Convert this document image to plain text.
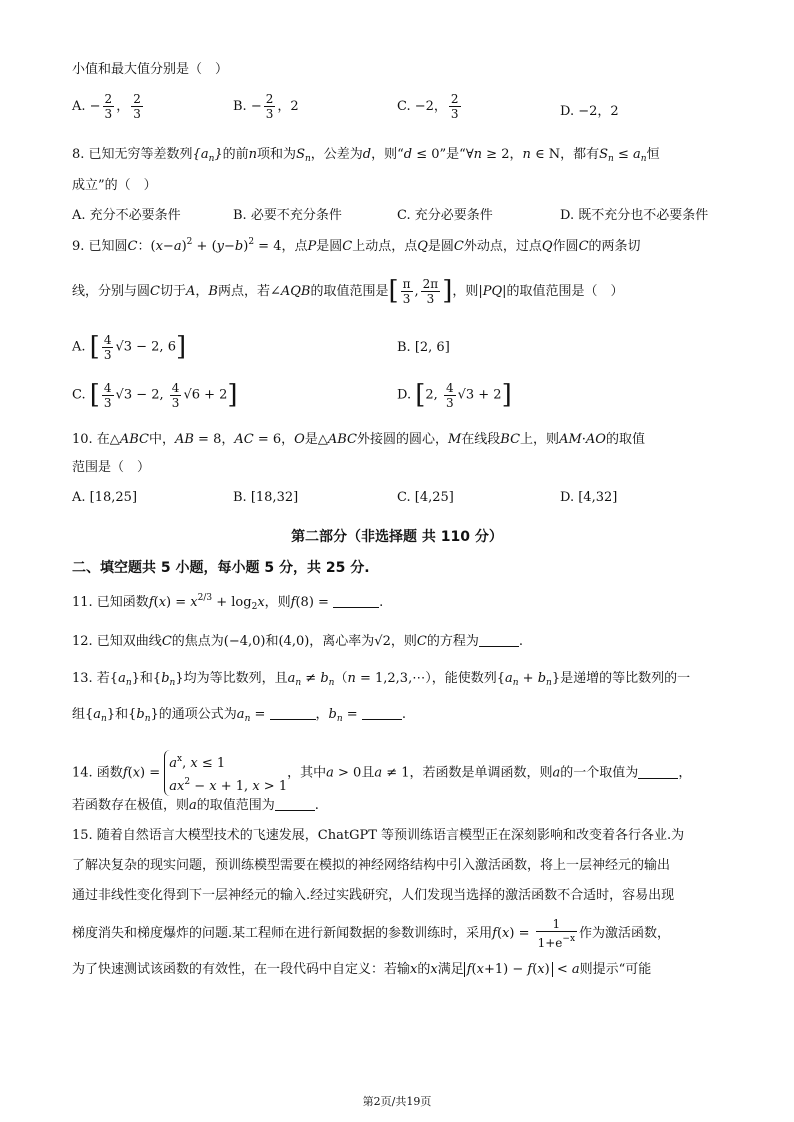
小值和最大值分别是（　）
A. − $\frac{2}{3}$ ， $\frac{2}{3}$	B. − $\frac{2}{3}$ ，2	C. −2， $\frac{2}{3}$	D. −2，2
8. 已知无穷等差数列$\{a_n\}$的前n项和为$S_n$，公差为d，则“d ≤ 0”是“∀n ≥ 2，n ∈ N，都有$S_n \le a_n$恒
成立”的（　）
A. 充分不必要条件	B. 必要不充分条件	C. 充分必要条件	D. 既不充分也不必要条件
9. 已知圆C：$(x-a)^2 + (y-b)^2 = 4$，点P是圆C上动点，点Q是圆C外动点，过点Q作圆C的两条切
线，分别与圆C切于A，B两点，若∠AQB的取值范围是[ $\frac{\pi}{3}$ , $\frac{2\pi}{3}$ ]，则|PQ|的取值范围是（　）
A. [ $\frac{4}{3} √3 - 2$, 6]	B. [2, 6]
C. [ $\frac{4}{3} √3 - 2$, $\frac{4}{3} √6 + 2$]	D. [2, $\frac{4}{3} √3 + 2$]
10. 在△ABC中，AB = 8，AC = 6，O是△ABC外接圆的圆心，M在线段BC上，则AM·AO的取值
范围是（　）
A. [18,25]	B. [18,32]	C. [4,25]	D. [4,32]
第二部分（非选择题 共 110 分）
二、填空题共 5 小题，每小题 5 分，共 25 分.
11. 已知函数$f(x) = x^{2/3} + \log_2x$，则f(8) =	.
12. 已知双曲线C的焦点为(−4,0)和(4,0)，离心率为√2，则C的方程为	.
13. 若$\{a_n\}$和$\{b_n\}$均为等比数列，且$a_n \ne b_n(n$ = 1,2,3,⋯），能使数列$\{a_n + b_n\}$是递增的等比数列的一
组$\{a_n\}$和$\{b_n\}$的通项公式为$a_n$ =	，$b_n$ =	.
14. 函数f(x) =
$a^x$, x ≤ 1
$ax^2 - x + 1$, x > 1
，其中a > 0且a ≠ 1，若函数是单调函数，则a的一个取值为	，
若函数存在极值，则a的取值范围为	.
15. 随着自然语言大模型技术的飞速发展，ChatGPT 等预训练语言模型正在深刻影响和改变着各行各业.为
了解决复杂的现实问题，预训练模型需要在模拟的神经网络结构中引入激活函数，将上一层神经元的输出
通过非线性变化得到下一层神经元的输入.经过实践研究，人们发现当选择的激活函数不合适时，容易出现
梯度消失和梯度爆炸的问题.某工程师在进行新闻数据的参数训练时，采用$f(x) = \frac{1}{1+e^{-x}}$ 作为激活函数，
为了快速测试该函数的有效性，在一段代码中自定义：若输x的x满足 f(x+1) − f(x) < a则提示“可能
第2页/共19页
